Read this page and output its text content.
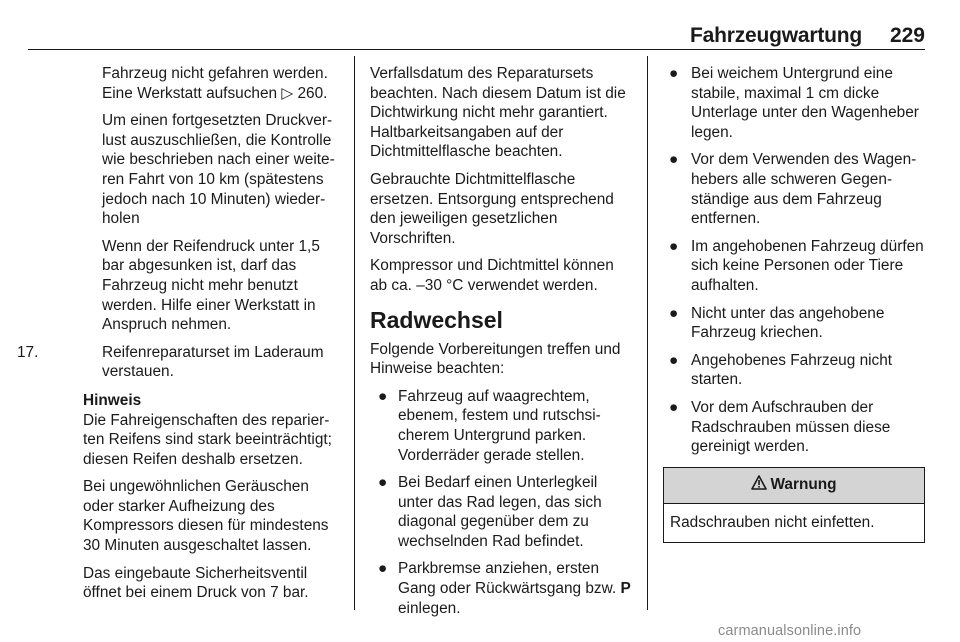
Fahrzeugwartung 229

Fahrzeug nicht gefahren werden. Eine Werkstatt aufsuchen ▷ 260.

Um einen fortgesetzten Druckverlust auszuschließen, die Kontrolle wie beschrieben nach einer weiteren Fahrt von 10 km (spätestens jedoch nach 10 Minuten) wiederholen

Wenn der Reifendruck unter 1,5 bar abgesunken ist, darf das Fahrzeug nicht mehr benutzt werden. Hilfe einer Werkstatt in Anspruch nehmen.

17.	Reifenreparaturset im Laderaum verstauen.
Hinweis

Die Fahreigenschaften des reparierten Reifens sind stark beeinträchtigt; diesen Reifen deshalb ersetzen.

Bei ungewöhnlichen Geräuschen oder starker Aufheizung des Kompressors diesen für mindestens 30 Minuten ausgeschaltet lassen.

Das eingebaute Sicherheitsventil öffnet bei einem Druck von 7 bar.

Verfallsdatum des Reparatursets beachten. Nach diesem Datum ist die Dichtwirkung nicht mehr garantiert. Haltbarkeitsangaben auf der Dichtmittelflasche beachten.

Gebrauchte Dichtmittelflasche ersetzen. Entsorgung entsprechend den jeweiligen gesetzlichen Vorschriften.

Kompressor und Dichtmittel können ab ca. –30 °C verwendet werden.

Radwechsel

Folgende Vorbereitungen treffen und Hinweise beachten:

● Fahrzeug auf waagrechtem, ebenem, festem und rutschsicherem Untergrund parken. Vorderräder gerade stellen.
● Bei Bedarf einen Unterlegkeil unter das Rad legen, das sich diagonal gegenüber dem zu wechselnden Rad befindet.
● Parkbremse anziehen, ersten Gang oder Rückwärtsgang bzw. P einlegen.
● Bei weichem Untergrund eine stabile, maximal 1 cm dicke Unterlage unter den Wagenheber legen.
● Vor dem Verwenden des Wagenhebers alle schweren Gegenständige aus dem Fahrzeug entfernen.
● Im angehobenen Fahrzeug dürfen sich keine Personen oder Tiere aufhalten.
● Nicht unter das angehobene Fahrzeug kriechen.
● Angehobenes Fahrzeug nicht starten.
● Vor dem Aufschrauben der Radschrauben müssen diese gereinigt werden.
Warnung
Radschrauben nicht einfetten.
carmanualsonline.info
